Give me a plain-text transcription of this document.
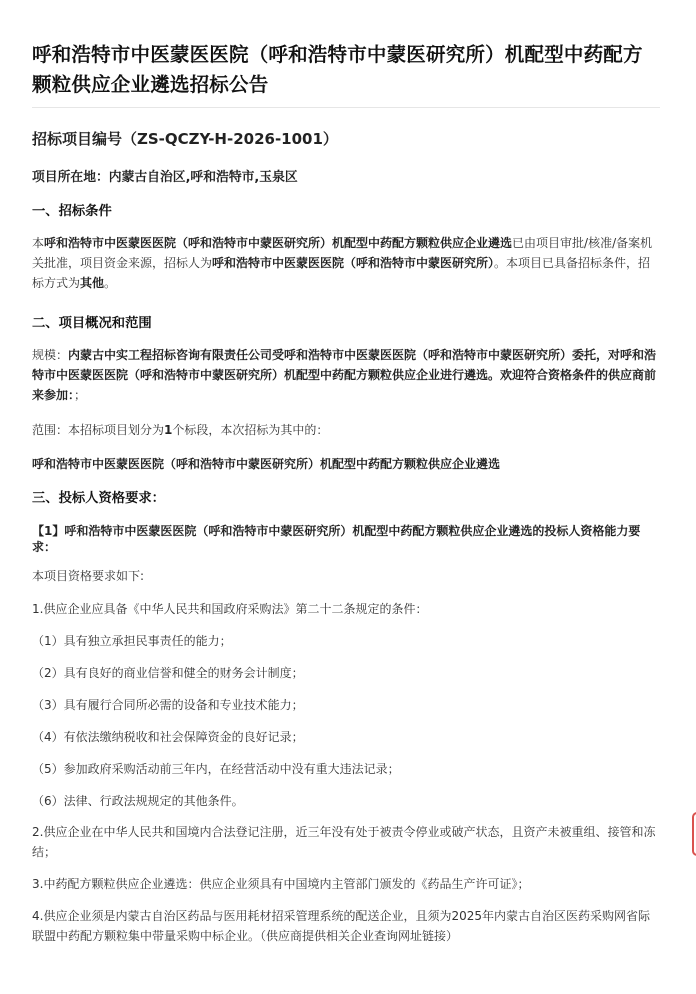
呼和浩特市中医蒙医医院（呼和浩特市中蒙医研究所）机配型中药配方颗粒供应企业遴选招标公告
招标项目编号（ZS-QCZY-H-2026-1001）
项目所在地：内蒙古自治区,呼和浩特市,玉泉区
一、招标条件
本呼和浩特市中医蒙医医院（呼和浩特市中蒙医研究所）机配型中药配方颗粒供应企业遴选已由项目审批/核准/备案机关批准，项目资金来源，招标人为呼和浩特市中医蒙医医院（呼和浩特市中蒙医研究所）。本项目已具备招标条件，招标方式为其他。
二、项目概况和范围
规模：内蒙古中实工程招标咨询有限责任公司受呼和浩特市中医蒙医医院（呼和浩特市中蒙医研究所）委托，对呼和浩特市中医蒙医医院（呼和浩特市中蒙医研究所）机配型中药配方颗粒供应企业进行遴选。欢迎符合资格条件的供应商前来参加：；
范围：本招标项目划分为1个标段，本次招标为其中的：
呼和浩特市中医蒙医医院（呼和浩特市中蒙医研究所）机配型中药配方颗粒供应企业遴选
三、投标人资格要求：
【1】呼和浩特市中医蒙医医院（呼和浩特市中蒙医研究所）机配型中药配方颗粒供应企业遴选的投标人资格能力要求：
本项目资格要求如下:
1.供应企业应具备《中华人民共和国政府采购法》第二十二条规定的条件：
（1）具有独立承担民事责任的能力；
（2）具有良好的商业信誉和健全的财务会计制度；
（3）具有履行合同所必需的设备和专业技术能力；
（4）有依法缴纳税收和社会保障资金的良好记录；
（5）参加政府采购活动前三年内，在经营活动中没有重大违法记录；
（6）法律、行政法规规定的其他条件。
2.供应企业在中华人民共和国境内合法登记注册，近三年没有处于被责令停业或破产状态，且资产未被重组、接管和冻结；
3.中药配方颗粒供应企业遴选：供应企业须具有中国境内主管部门颁发的《药品生产许可证》；
4.供应企业须是内蒙古自治区药品与医用耗材招采管理系统的配送企业，且须为2025年内蒙古自治区医药采购网省际联盟中药配方颗粒集中带量采购中标企业。（供应商提供相关企业查询网址链接）
